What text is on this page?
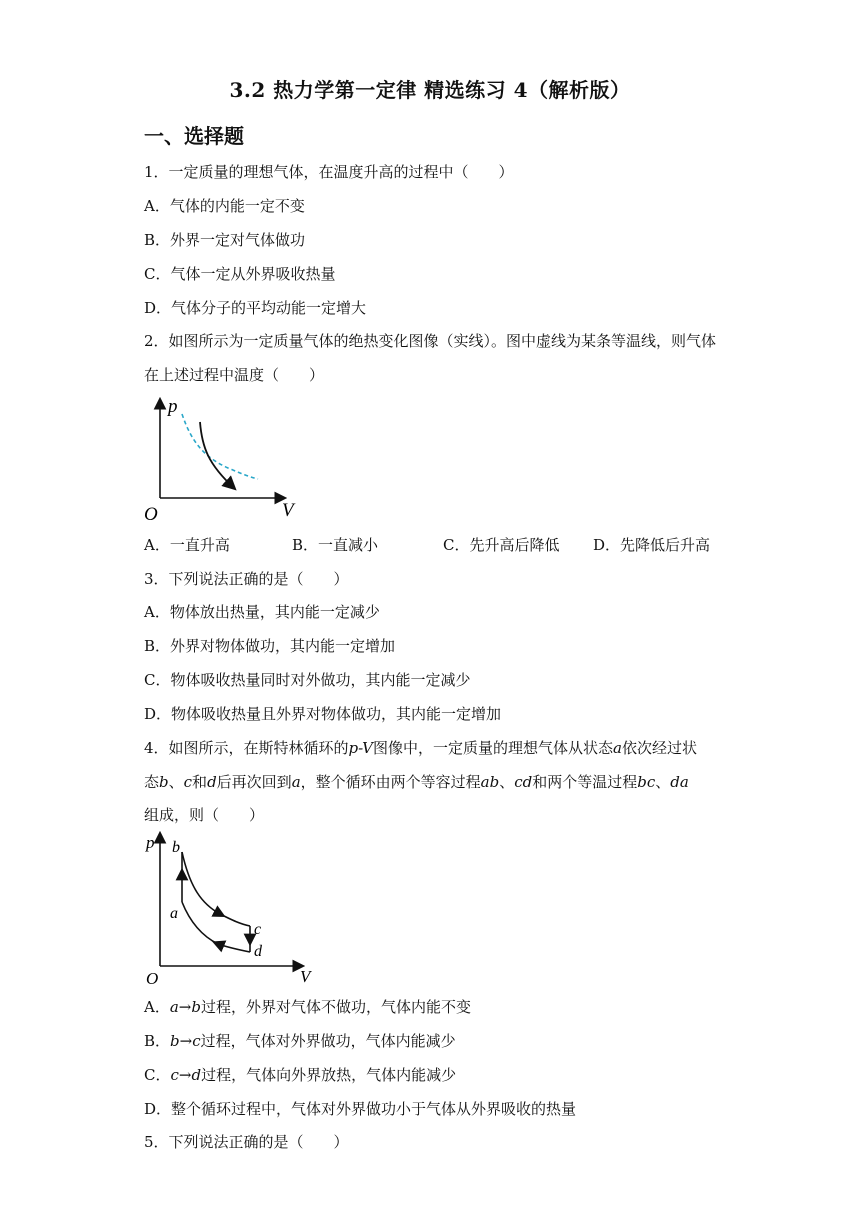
3.2 热力学第一定律 精选练习 4（解析版）
一、选择题
1．一定质量的理想气体，在温度升高的过程中（　　）
A．气体的内能一定不变
B．外界一定对气体做功
C．气体一定从外界吸收热量
D．气体分子的平均动能一定增大
2．如图所示为一定质量气体的绝热变化图像（实线）。图中虚线为某条等温线，则气体
在上述过程中温度（　　）
p
V
O
A．一直升高	B．一直减小	C．先升高后降低 D．先降低后升高
3．下列说法正确的是（　　）
A．物体放出热量，其内能一定减少
B．外界对物体做功，其内能一定增加
C．物体吸收热量同时对外做功，其内能一定减少
D．物体吸收热量且外界对物体做功，其内能一定增加
4．如图所示，在斯特林循环的p-V图像中，一定质量的理想气体从状态a依次经过状
态b、c和d后再次回到a，整个循环由两个等容过程ab、cd和两个等温过程bc、da
组成，则（　　）
p
V
O
a
b
c
d
A．a→b过程，外界对气体不做功，气体内能不变
B．b→c过程，气体对外界做功，气体内能减少
C．c→d过程，气体向外界放热，气体内能减少
D．整个循环过程中，气体对外界做功小于气体从外界吸收的热量
5．下列说法正确的是（　　）
